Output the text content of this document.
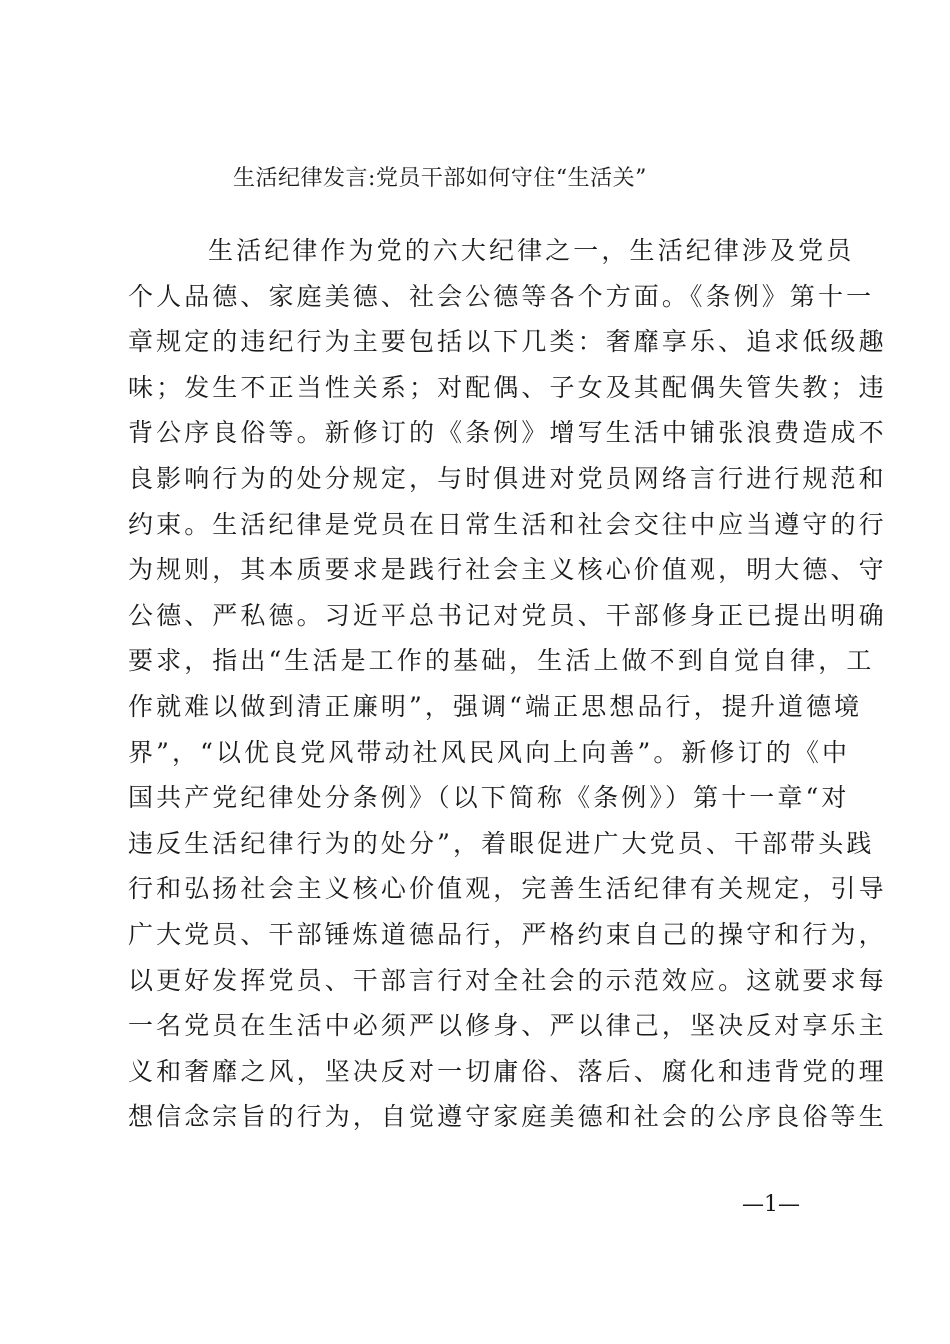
生活纪律发言:党员干部如何守住“生活关”
生活纪律作为党的六大纪律之一，生活纪律涉及党员
个人品德、家庭美德、社会公德等各个方面。《条例》第十一
章规定的违纪行为主要包括以下几类：奢靡享乐、追求低级趣
味；发生不正当性关系；对配偶、子女及其配偶失管失教；违
背公序良俗等。新修订的《条例》增写生活中铺张浪费造成不
良影响行为的处分规定，与时俱进对党员网络言行进行规范和
约束。生活纪律是党员在日常生活和社会交往中应当遵守的行
为规则，其本质要求是践行社会主义核心价值观，明大德、守
公德、严私德。习近平总书记对党员、干部修身正已提出明确
要求，指出“生活是工作的基础，生活上做不到自觉自律，工
作就难以做到清正廉明”，强调“端正思想品行，提升道德境
界”，“以优良党风带动社风民风向上向善”。新修订的《中
国共产党纪律处分条例》（以下简称《条例》）第十一章“对
违反生活纪律行为的处分”，着眼促进广大党员、干部带头践
行和弘扬社会主义核心价值观，完善生活纪律有关规定，引导
广大党员、干部锤炼道德品行，严格约束自己的操守和行为，
以更好发挥党员、干部言行对全社会的示范效应。这就要求每
一名党员在生活中必须严以修身、严以律己，坚决反对享乐主
义和奢靡之风，坚决反对一切庸俗、落后、腐化和违背党的理
想信念宗旨的行为，自觉遵守家庭美德和社会的公序良俗等生
—1—
